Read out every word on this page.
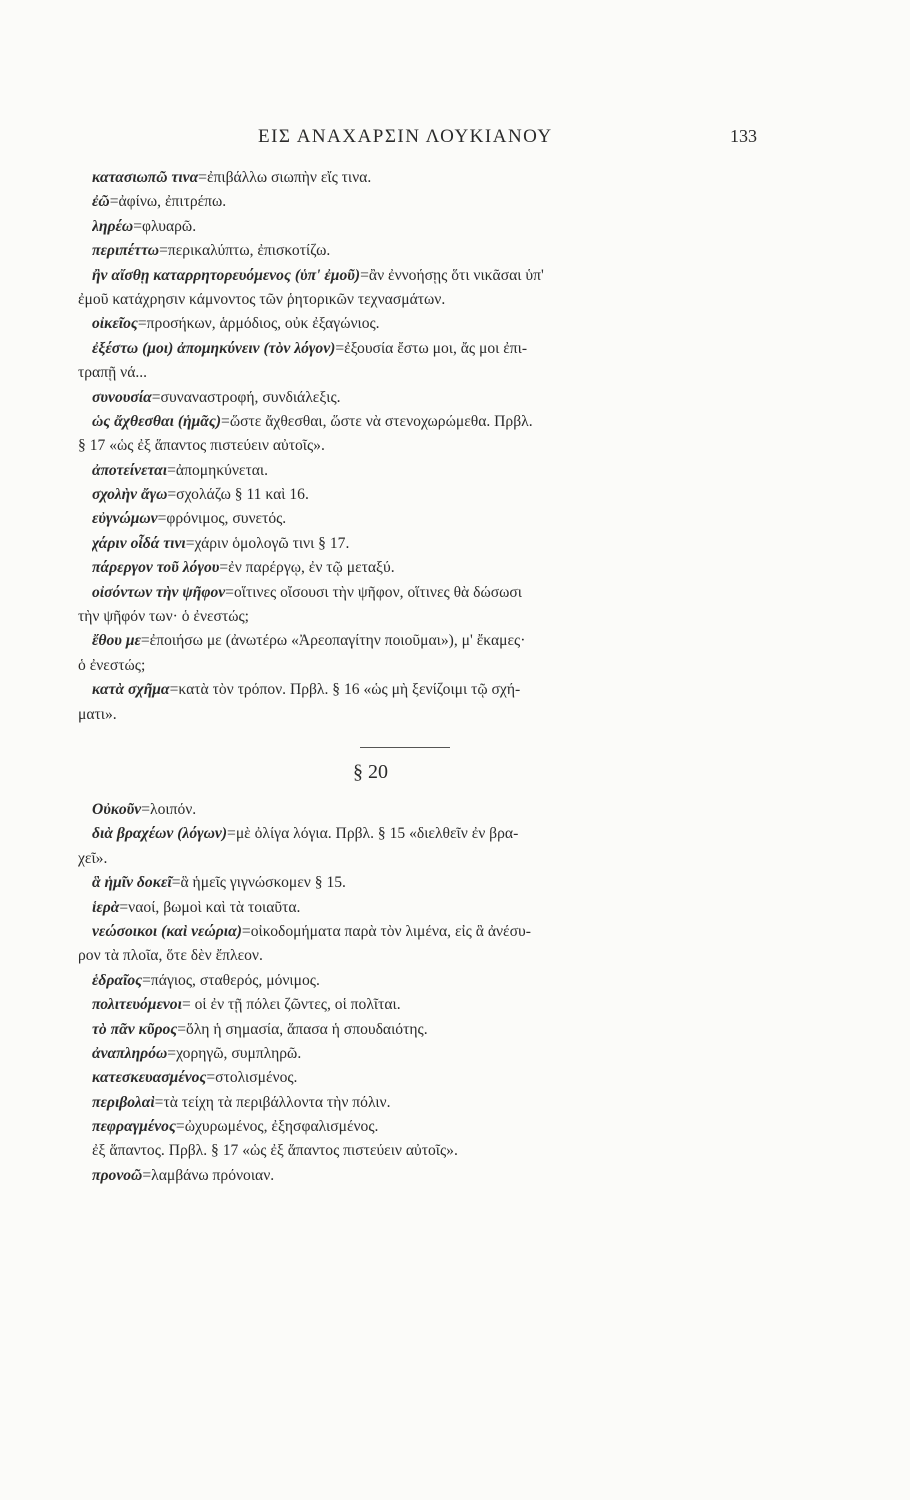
ΕΙΣ ΑΝΑΧΑΡΣΙΝ ΛΟΥΚΙΑΝΟΥ	133
κατασιωπῶ τινα=ἐπιβάλλω σιωπὴν εἴς τινα.
ἐῶ=ἀφίνω, ἐπιτρέπω.
ληρέω=φλυαρῶ.
περιπέττω=περικαλύπτω, ἐπισκοτίζω.
ἢν αἴσθῃ καταρρητορευόμενος (ὑπ' ἐμοῦ)=ἂν ἐννοήσῃς ὅτι νικᾶσαι ὑπ'
ἐμοῦ κατάχρησιν κάμνοντος τῶν ῥητορικῶν τεχνασμάτων.
οἰκεῖος=προσήκων, ἁρμόδιος, οὐκ ἐξαγώνιος.
ἐξέστω (μοι) ἀπομηκύνειν (τὸν λόγον)=ἐξουσία ἔστω μοι, ἄς μοι ἐπι-
τραπῇ νά...
συνουσία=συναναστροφή, συνδιάλεξις.
ὡς ἄχθεσθαι (ἡμᾶς)=ὥστε ἄχθεσθαι, ὥστε νὰ στενοχωρώμεθα. Πρβλ.
§ 17 «ὡς ἐξ ἅπαντος πιστεύειν αὐτοῖς».
ἀποτείνεται=ἀπομηκύνεται.
σχολὴν ἄγω=σχολάζω § 11 καὶ 16.
εὐγνώμων=φρόνιμος, συνετός.
χάριν οἶδά τινι=χάριν ὁμολογῶ τινι § 17.
πάρεργον τοῦ λόγου=ἐν παρέργῳ, ἐν τῷ μεταξύ.
οἰσόντων τὴν ψῆφον=οἵτινες οἴσουσι τὴν ψῆφον, οἵτινες θὰ δώσωσι
τὴν ψῆφόν των· ὁ ἐνεστώς;
ἔθου με=ἐποιήσω με (ἀνωτέρω «Ἀρεοπαγίτην ποιοῦμαι»), μ' ἔκαμες·
ὁ ἐνεστώς;
κατὰ σχῆμα=κατὰ τὸν τρόπον. Πρβλ. § 16 «ὡς μὴ ξενίζοιμι τῷ σχή-
ματι».
§ 20
Οὐκοῦν=λοιπόν.
διὰ βραχέων (λόγων)=μὲ ὀλίγα λόγια. Πρβλ. § 15 «διελθεῖν ἐν βρα-
χεῖ».
ἃ ἡμῖν δοκεῖ=ἃ ἡμεῖς γιγνώσκομεν § 15.
ἱερὰ=ναοί, βωμοὶ καὶ τὰ τοιαῦτα.
νεώσοικοι (καὶ νεώρια)=οἰκοδομήματα παρὰ τὸν λιμένα, εἰς ἃ ἀνέσυ-
ρον τὰ πλοῖα, ὅτε δὲν ἔπλεον.
ἑδραῖος=πάγιος, σταθερός, μόνιμος.
πολιτευόμενοι= οἱ ἐν τῇ πόλει ζῶντες, οἱ πολῖται.
τὸ πᾶν κῦρος=ὅλη ἡ σημασία, ἅπασα ἡ σπουδαιότης.
ἀναπληρόω=χορηγῶ, συμπληρῶ.
κατεσκευασμένος=στολισμένος.
περιβολαὶ=τὰ τείχη τὰ περιβάλλοντα τὴν πόλιν.
πεφραγμένος=ὠχυρωμένος, ἐξησφαλισμένος.
ἐξ ἅπαντος. Πρβλ. § 17 «ὡς ἐξ ἅπαντος πιστεύειν αὐτοῖς».
προνοῶ=λαμβάνω πρόνοιαν.
